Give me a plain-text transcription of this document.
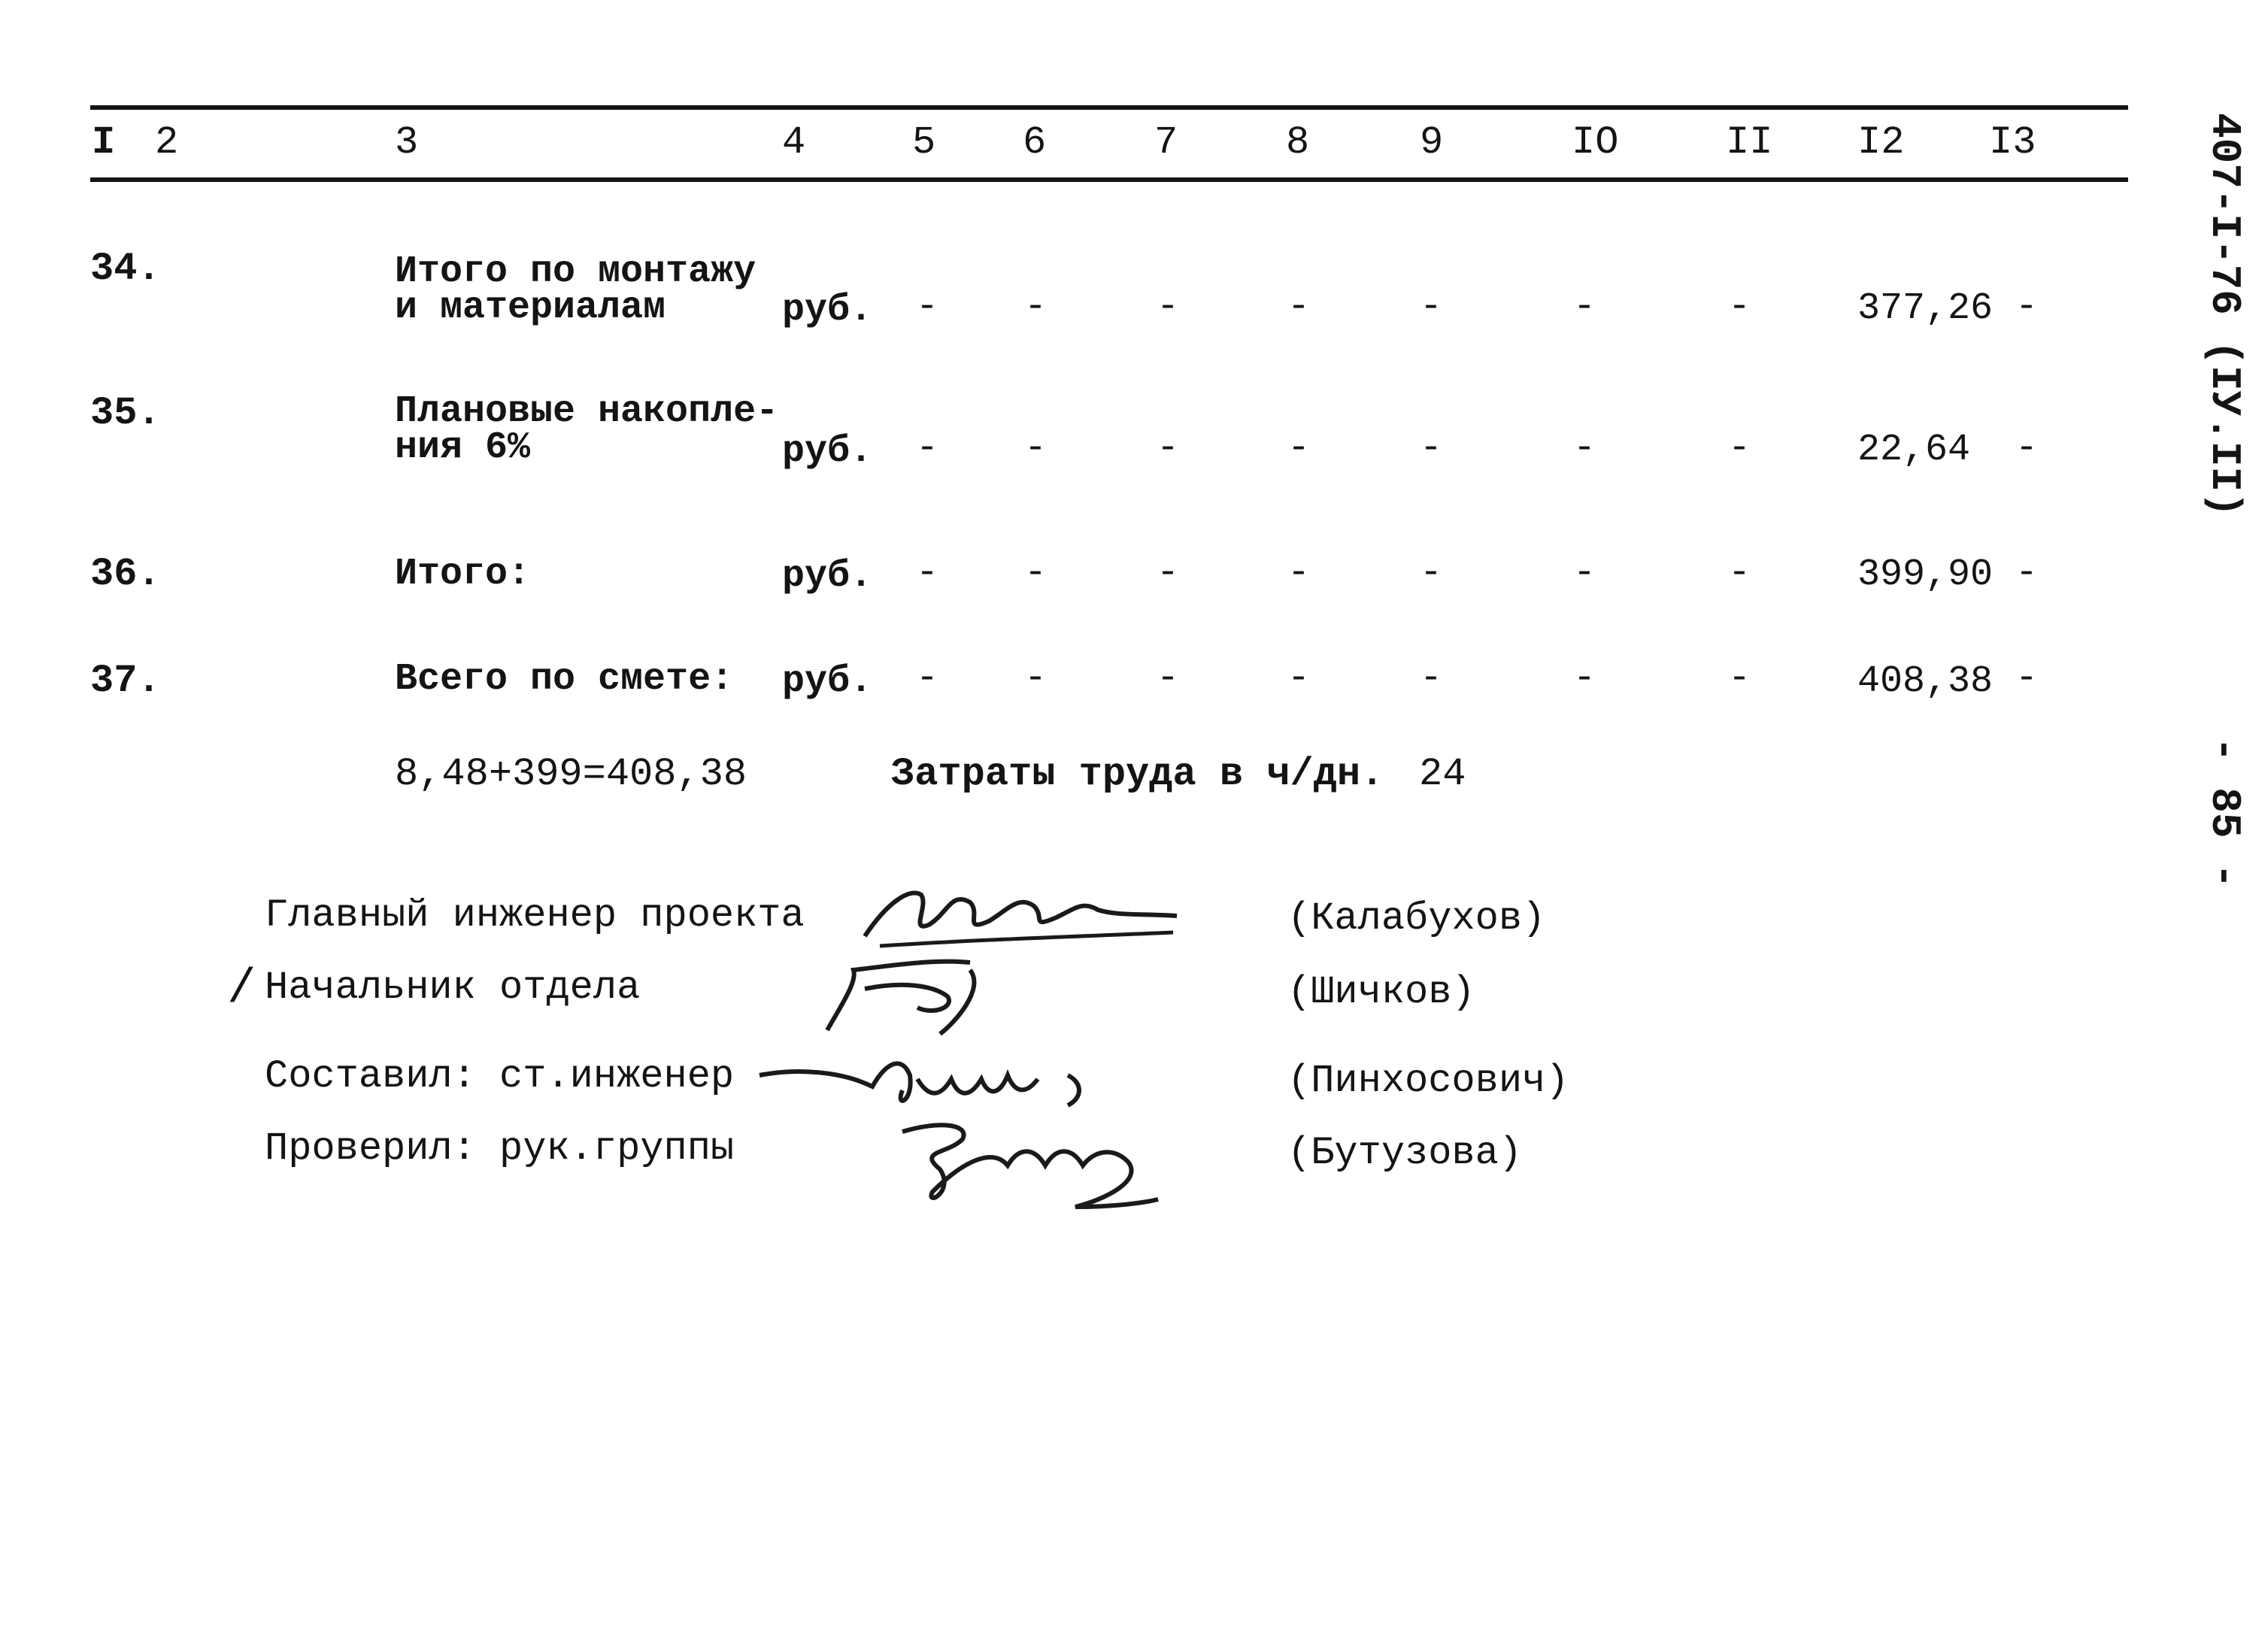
I 2	3	4	5 6	7	8	9	IO	II I2 I3
34.	Итого по монтажу
и материалам	руб. - -	-	-	-	-	-	377,26 -
35.	Плановые накопле-
ния 6%	руб. - -	-	-	-	-	-	22,64 -
36.	Итого:	руб. - -	-	-	-	-	-	399,90 -
37.	Всего по смете: руб. - -	-	-	-	-	-	408,38 -
8,48+399=408,38	Затраты труда в ч/дн. 24
Главный инженер проекта	(Калабухов)
/ Начальник отдела	(Шичков)
Составил: ст.инженер	(Пинхосович)
Проверил: рук.группы	(Бутузова)
407-I-76 (IУ.II)
- 85 -
